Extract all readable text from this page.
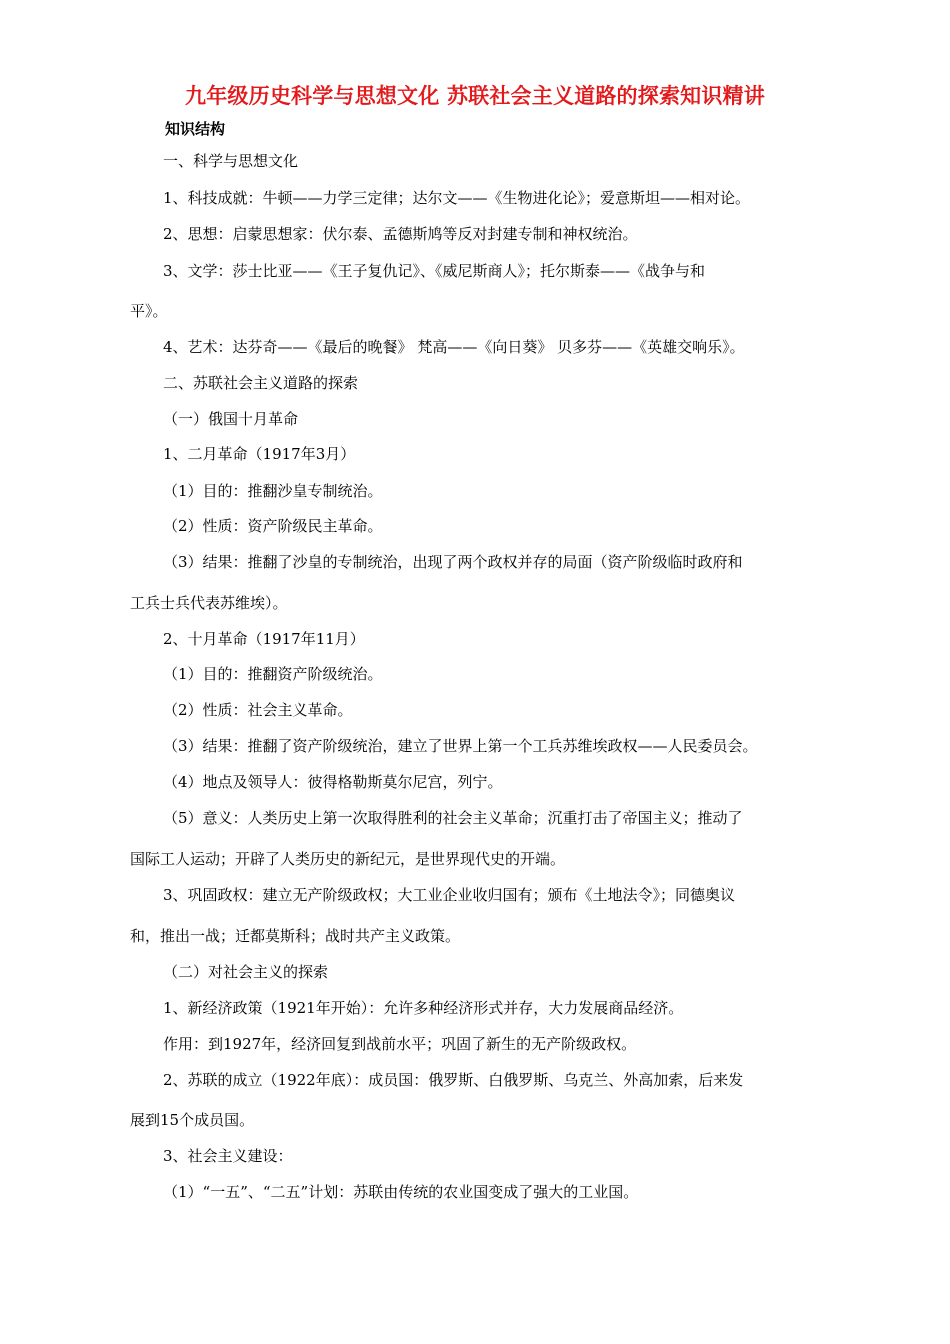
九年级历史科学与思想文化 苏联社会主义道路的探索知识精讲
知识结构
一、科学与思想文化
1、科技成就：牛顿——力学三定律；达尔文——《生物进化论》；爱意斯坦——相对论。
2、思想：启蒙思想家：伏尔泰、孟德斯鸠等反对封建专制和神权统治。
3、文学：莎士比亚——《王子复仇记》、《威尼斯商人》；托尔斯泰——《战争与和
平》。
4、艺术：达芬奇——《最后的晚餐》 梵高——《向日葵》 贝多芬——《英雄交响乐》。
二、苏联社会主义道路的探索
（一）俄国十月革命
1、二月革命（1917年3月）
（1）目的：推翻沙皇专制统治。
（2）性质：资产阶级民主革命。
（3）结果：推翻了沙皇的专制统治，出现了两个政权并存的局面（资产阶级临时政府和
工兵士兵代表苏维埃）。
2、十月革命（1917年11月）
（1）目的：推翻资产阶级统治。
（2）性质：社会主义革命。
（3）结果：推翻了资产阶级统治，建立了世界上第一个工兵苏维埃政权——人民委员会。
（4）地点及领导人：彼得格勒斯莫尔尼宫，列宁。
（5）意义：人类历史上第一次取得胜利的社会主义革命；沉重打击了帝国主义；推动了
国际工人运动；开辟了人类历史的新纪元，是世界现代史的开端。
3、巩固政权：建立无产阶级政权；大工业企业收归国有；颁布《土地法令》；同德奥议
和，推出一战；迁都莫斯科；战时共产主义政策。
（二）对社会主义的探索
1、新经济政策（1921年开始）：允许多种经济形式并存，大力发展商品经济。
作用：到1927年，经济回复到战前水平；巩固了新生的无产阶级政权。
2、苏联的成立（1922年底）：成员国：俄罗斯、白俄罗斯、乌克兰、外高加索，后来发
展到15个成员国。
3、社会主义建设：
（1）“一五”、“二五”计划：苏联由传统的农业国变成了强大的工业国。
